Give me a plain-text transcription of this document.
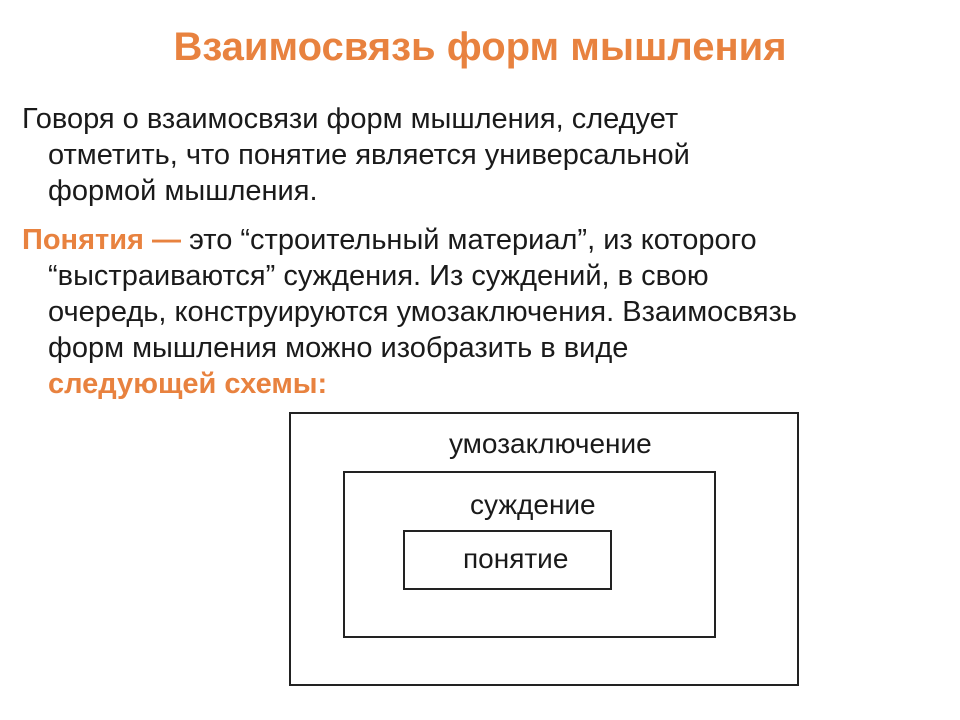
Взаимосвязь форм мышления

Говоря о взаимосвязи форм мышления, следует
отметить, что понятие является универсальной
формой мышления.

Понятия — это “строительный материал”, из которого
“выстраиваются” суждения. Из суждений, в свою
очередь, конструируются умозаключения. Взаимосвязь
форм мышления можно изобразить в виде
следующей схемы:

умозаключение
суждение
понятие
